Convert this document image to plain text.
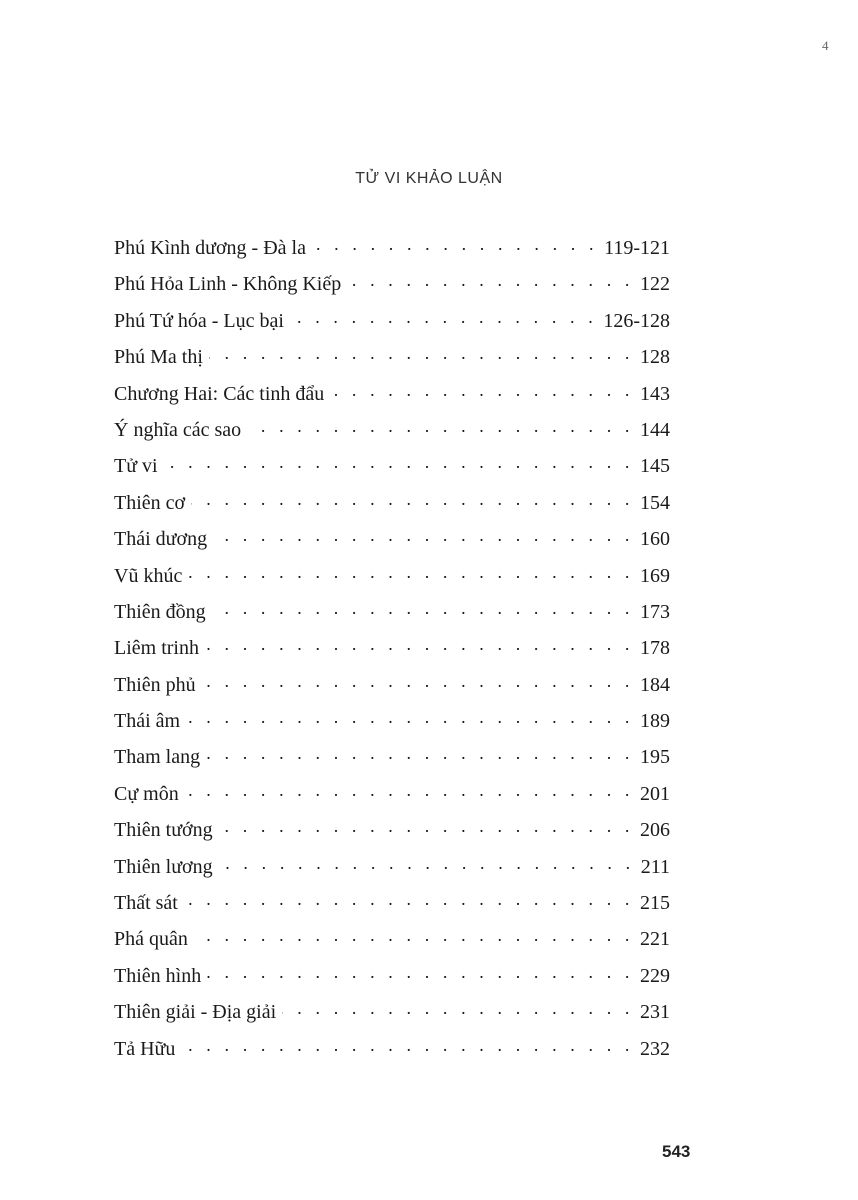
4
TỬ VI KHẢO LUẬN
Phú Kình dương - Đà la . . .	119-121
Phú Hỏa Linh - Không Kiếp . . .	122
Phú Tứ hóa - Lục bại . . .	126-128
Phú Ma thị . . .	128
Chương Hai: Các tinh đẩu . . .	143
Ý nghĩa các sao . . .	144
Tử vi . . .	145
Thiên cơ . . .	154
Thái dương . . .	160
Vũ khúc . . .	169
Thiên đồng . . .	173
Liêm trinh . . .	178
Thiên phủ . . .	184
Thái âm . . .	189
Tham lang . . .	195
Cự môn . . .	201
Thiên tướng . . .	206
Thiên lương . . .	211
Thất sát . . .	215
Phá quân . . .	221
Thiên hình . . .	229
Thiên giải - Địa giải . . .	231
Tả Hữu . . .	232
543
